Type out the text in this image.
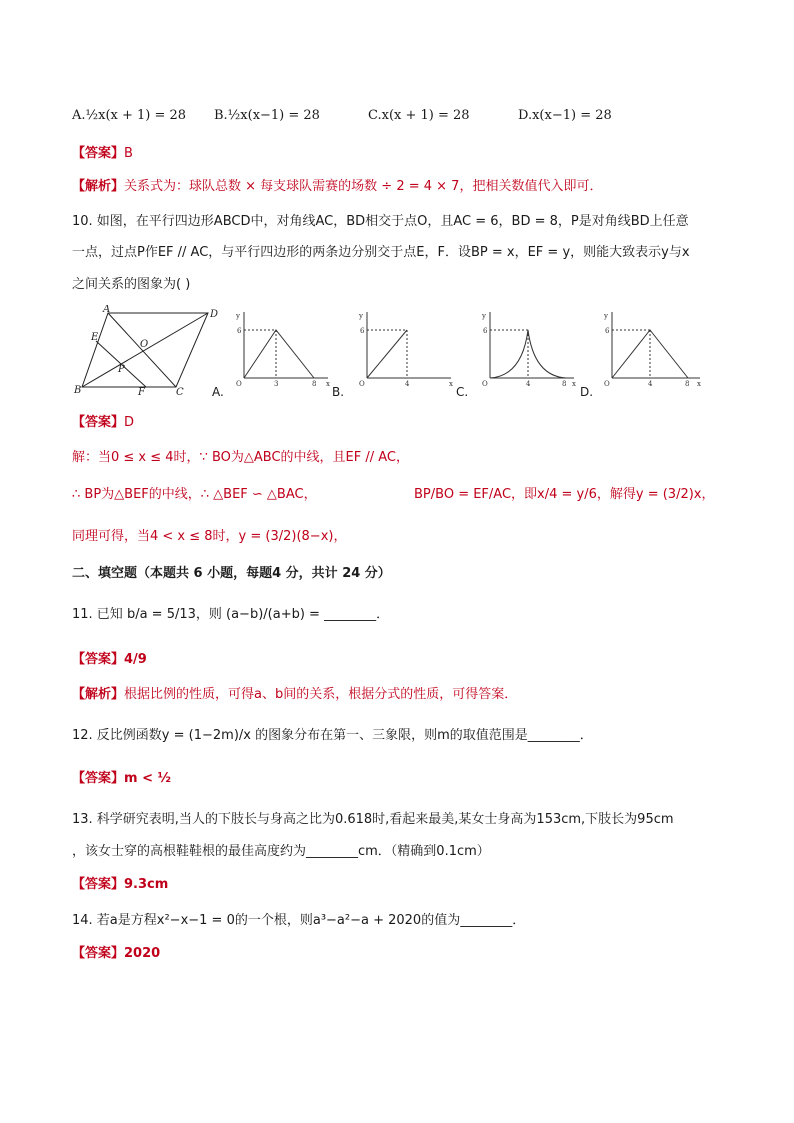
A.½x(x + 1) = 28 B.½x(x−1) = 28	C.x(x + 1) = 28	D.x(x−1) = 28
【答案】B
【解析】关系式为：球队总数 × 每支球队需赛的场数 ÷ 2 = 4 × 7，把相关数值代入即可．
10. 如图，在平行四边形ABCD中，对角线AC，BD相交于点O，且AC = 6，BD = 8，P是对角线BD上任意
一点，过点P作EF // AC，与平行四边形的两条边分别交于点E，F．设BP = x，EF = y，则能大致表示y与x
之间关系的图象为( )
A	D
E
O
P
B	F	C
y
6
O	3	8 x
A.
y
6
O	4	x
B.
y
6
O	4	8 x
C.
y
6
O	4	8 x
D.
【答案】D
解：当0 ≤ x ≤ 4时，∵ BO为△ABC的中线，且EF // AC，
∴ BP为△BEF的中线，∴ △BEF ∽ △BAC，	BP/BO = EF/AC，即x/4 = y/6，解得y = (3/2)x，
同理可得，当4 < x ≤ 8时，y = (3/2)(8−x)，
二、填空题（本题共 6 小题，每题4 分，共计 24 分）
11. 已知 b/a = 5/13，则 (a−b)/(a+b) = ________．
【答案】4/9
【解析】根据比例的性质，可得a、b间的关系，根据分式的性质，可得答案．
12. 反比例函数y = (1−2m)/x 的图象分布在第一、三象限，则m的取值范围是________．
【答案】m < ½
13. 科学研究表明,当人的下肢长与身高之比为0.618时,看起来最美,某女士身高为153cm,下肢长为95cm
，该女士穿的高根鞋鞋根的最佳高度约为________cm．（精确到0.1cm）
【答案】9.3cm
14. 若a是方程x²−x−1 = 0的一个根，则a³−a²−a + 2020的值为________．
【答案】2020
